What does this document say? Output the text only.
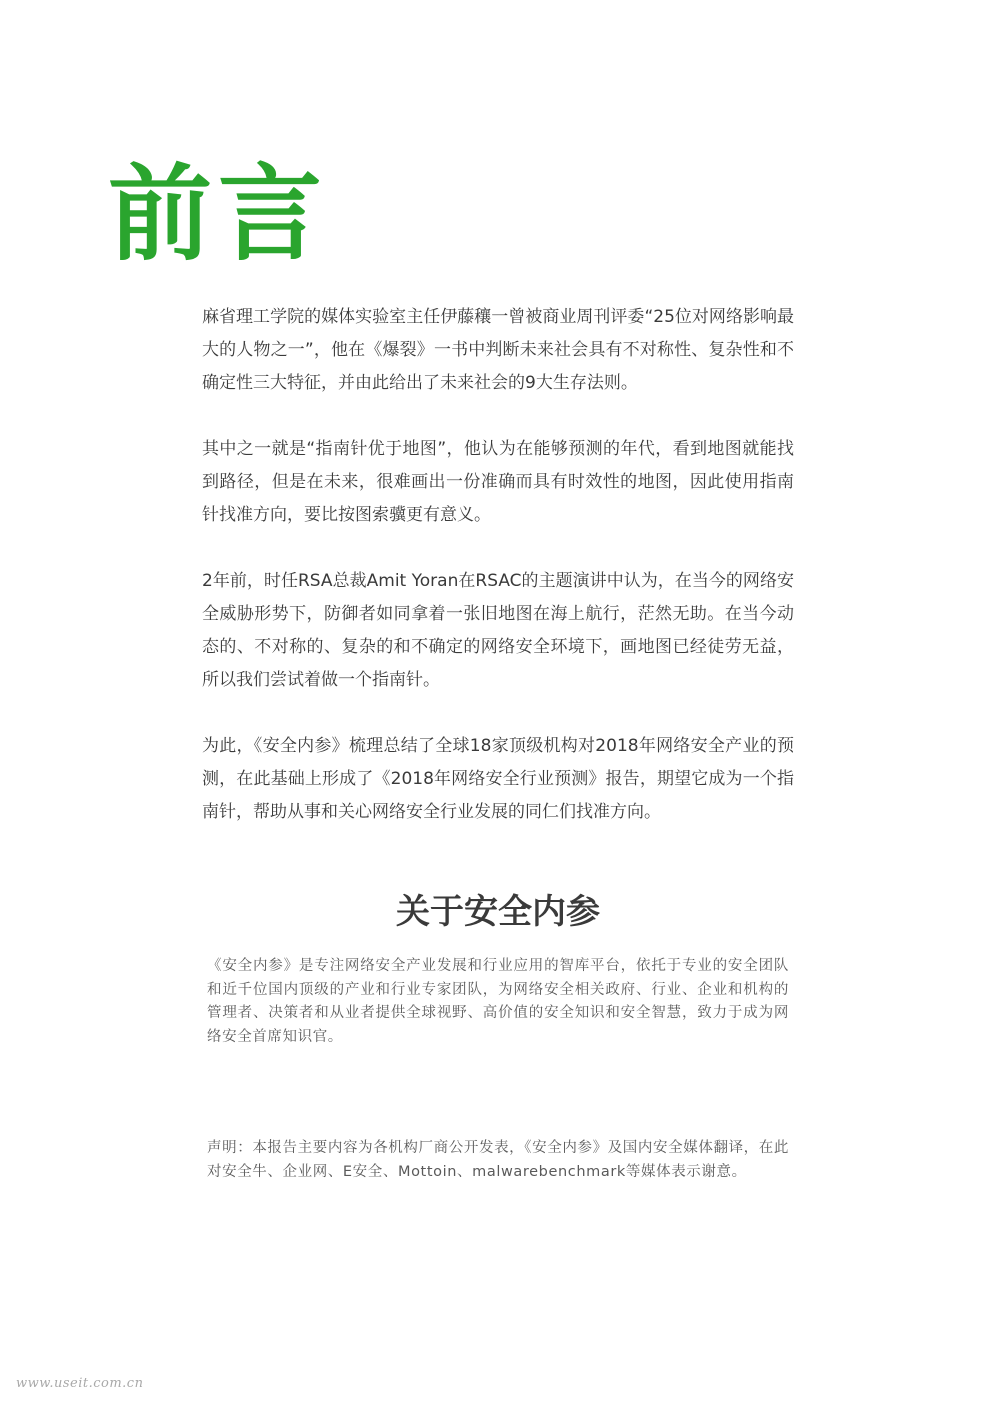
前言

麻省理工学院的媒体实验室主任伊藤穰一曾被商业周刊评委“25位对网络影响最大的人物之一”，他在《爆裂》一书中判断未来社会具有不对称性、复杂性和不确定性三大特征，并由此给出了未来社会的9大生存法则。

其中之一就是“指南针优于地图”，他认为在能够预测的年代，看到地图就能找到路径，但是在未来，很难画出一份准确而具有时效性的地图，因此使用指南针找准方向，要比按图索骥更有意义。

2年前，时任RSA总裁Amit Yoran在RSAC的主题演讲中认为，在当今的网络安全威胁形势下，防御者如同拿着一张旧地图在海上航行，茫然无助。在当今动态的、不对称的、复杂的和不确定的网络安全环境下，画地图已经徒劳无益，所以我们尝试着做一个指南针。

为此，《安全内参》梳理总结了全球18家顶级机构对2018年网络安全产业的预测，在此基础上形成了《2018年网络安全行业预测》报告，期望它成为一个指南针，帮助从事和关心网络安全行业发展的同仁们找准方向。

关于安全内参

《安全内参》是专注网络安全产业发展和行业应用的智库平台，依托于专业的安全团队和近千位国内顶级的产业和行业专家团队，为网络安全相关政府、行业、企业和机构的管理者、决策者和从业者提供全球视野、高价值的安全知识和安全智慧，致力于成为网络安全首席知识官。

声明：本报告主要内容为各机构厂商公开发表，《安全内参》及国内安全媒体翻译，在此对安全牛、企业网、E安全、Mottoin、malwarebenchmark等媒体表示谢意。

www.useit.com.cn
